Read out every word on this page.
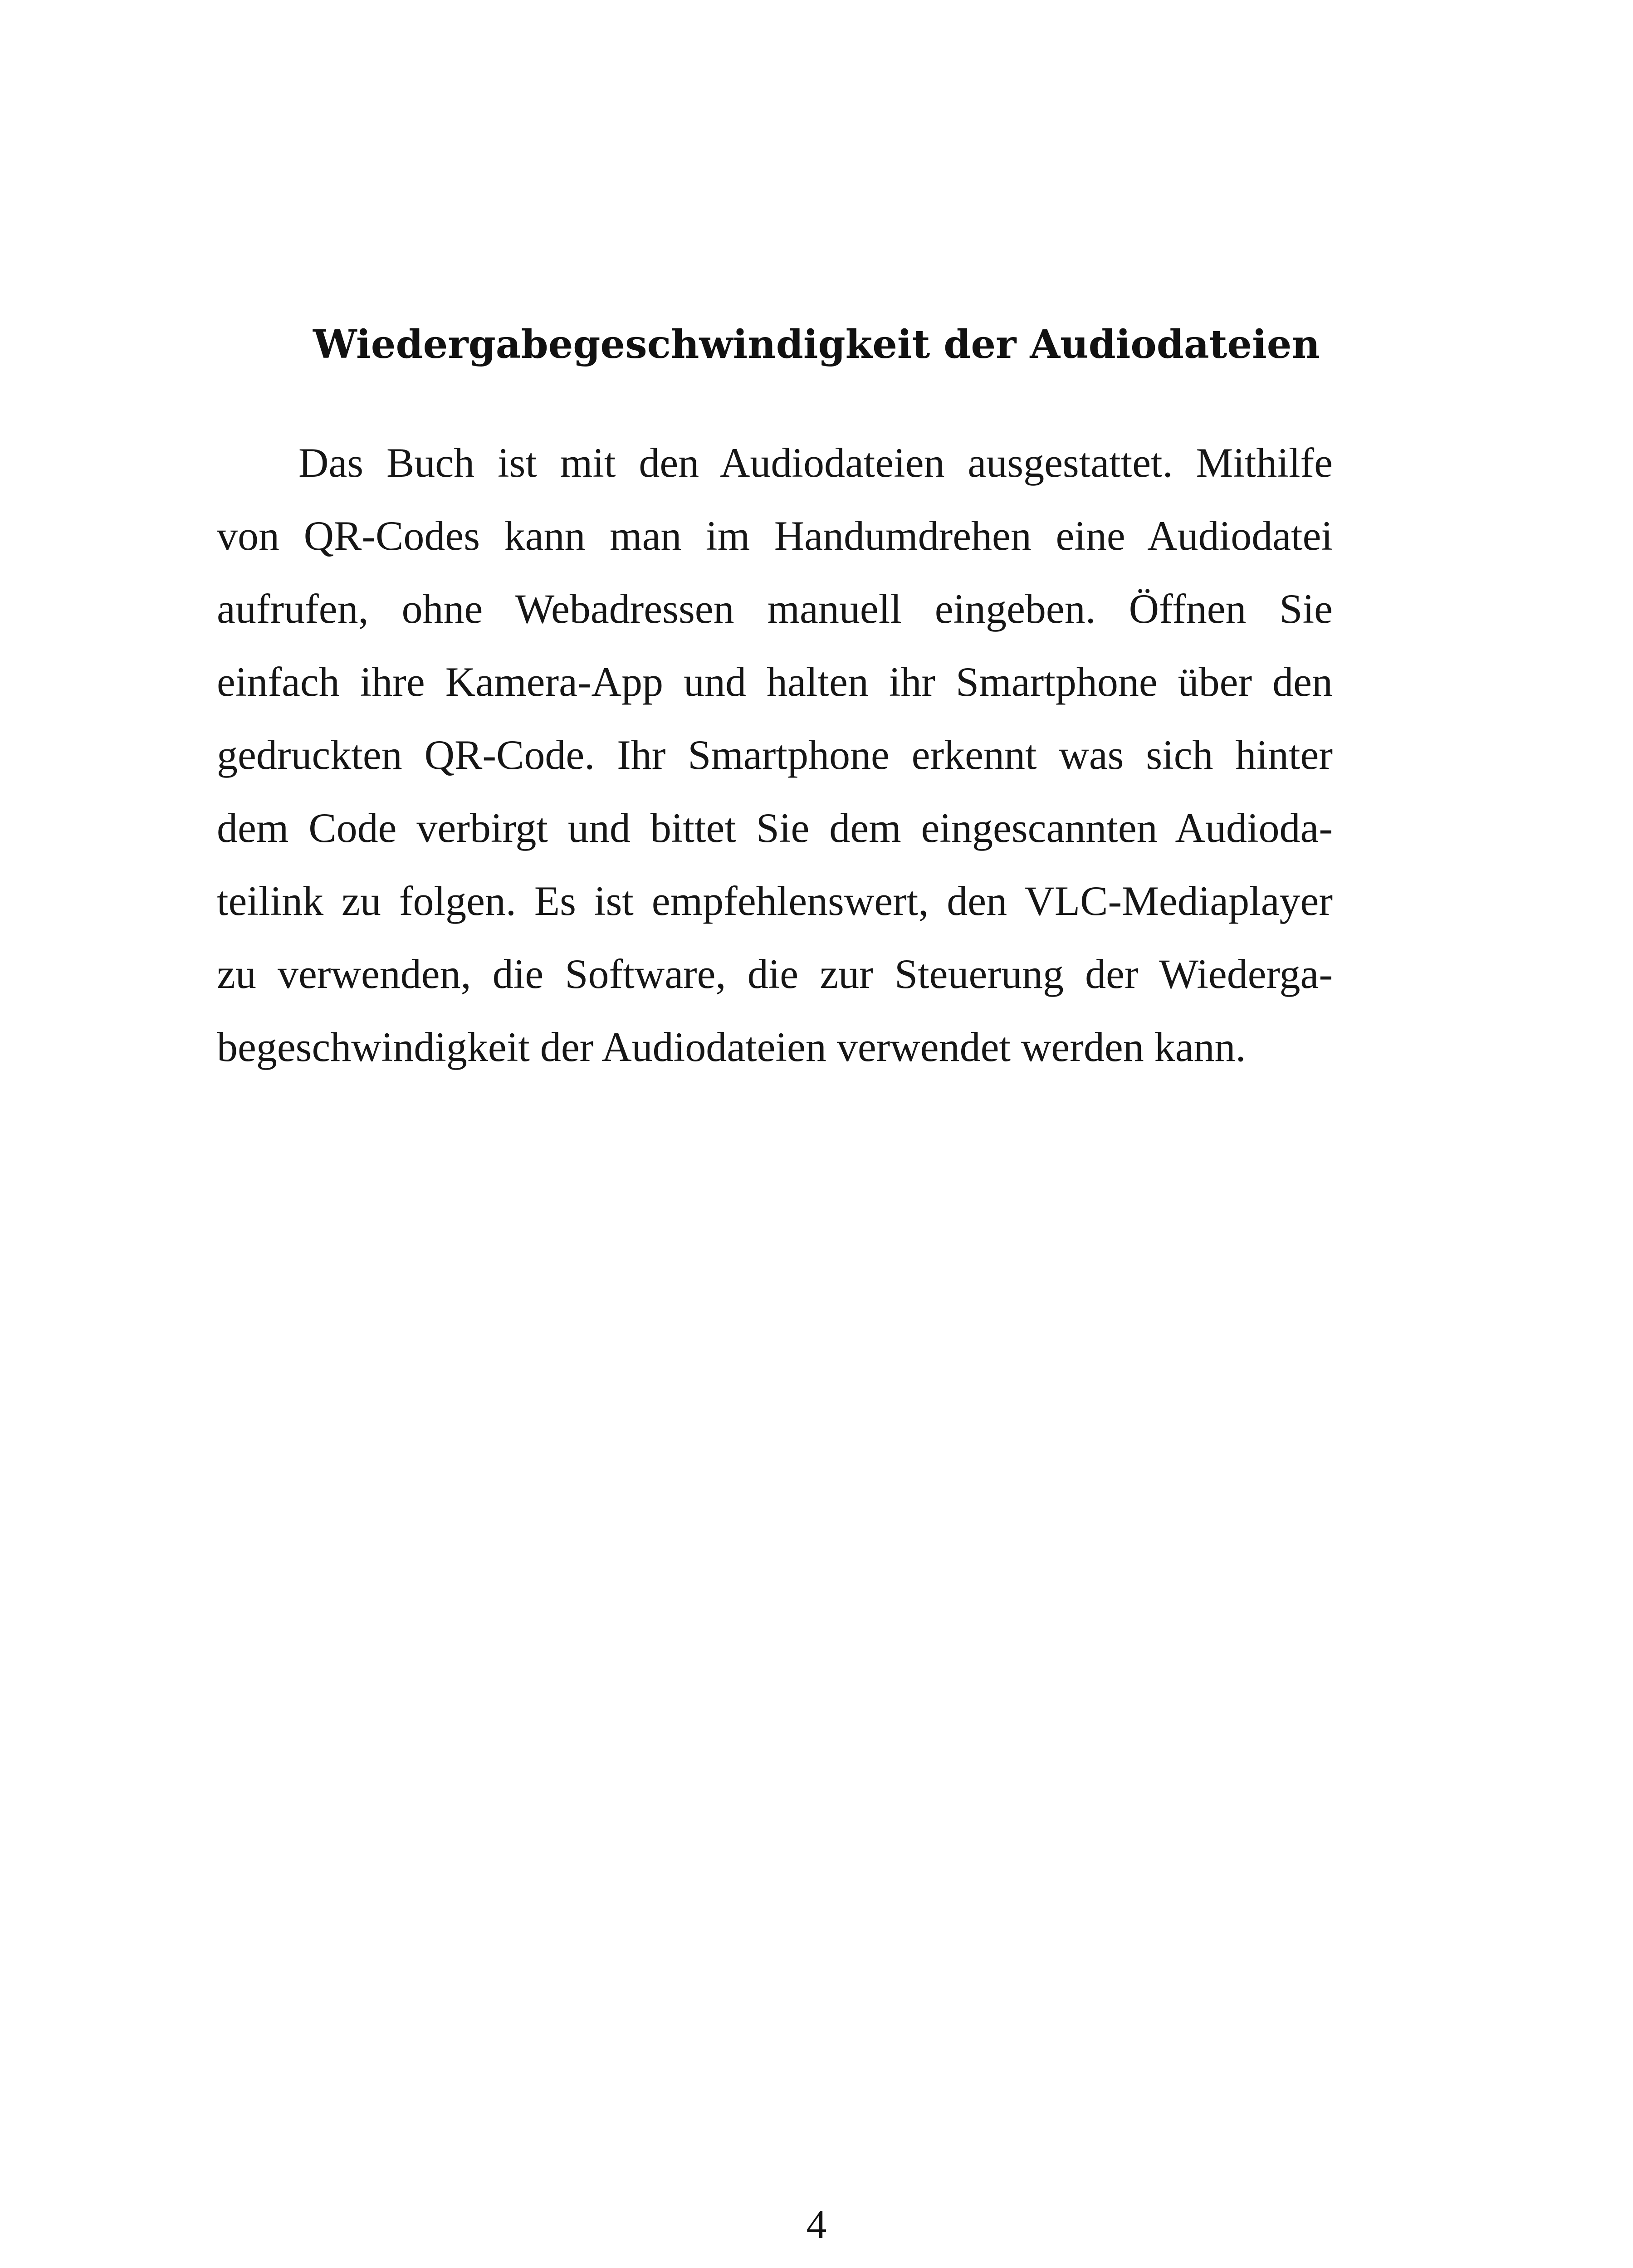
Wiedergabegeschwindigkeit der Audiodateien
Das Buch ist mit den Audiodateien ausgestattet. Mithilfe
von QR-Codes kann man im Handumdrehen eine Audiodatei
aufrufen, ohne Webadressen manuell eingeben. Öffnen Sie
einfach ihre Kamera-App und halten ihr Smartphone über den
gedruckten QR-Code. Ihr Smartphone erkennt was sich hinter
dem Code verbirgt und bittet Sie dem eingescannten Audioda-
teilink zu folgen. Es ist empfehlenswert, den VLC-Mediaplayer
zu verwenden, die Software, die zur Steuerung der Wiederga-
begeschwindigkeit der Audiodateien verwendet werden kann.
4
